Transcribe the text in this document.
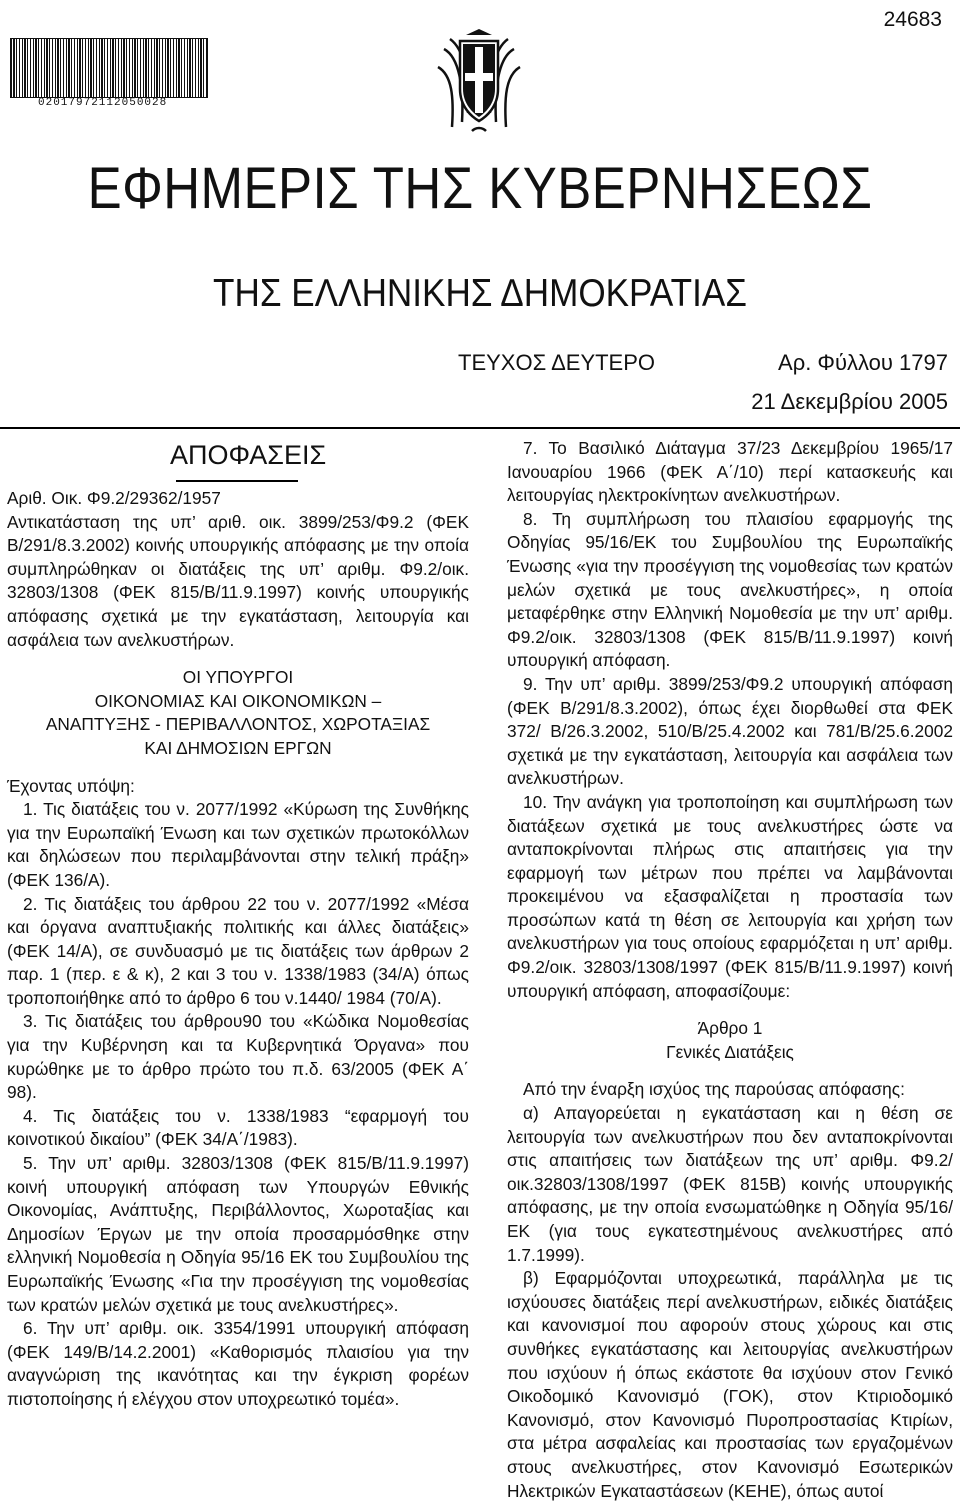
24683
02017972112050028
ΕΦΗΜΕΡΙΣ ΤΗΣ ΚΥΒΕΡΝΗΣΕΩΣ
ΤΗΣ ΕΛΛΗΝΙΚΗΣ ΔΗΜΟΚΡΑΤΙΑΣ
ΤΕΥΧΟΣ ΔΕΥΤΕΡΟ	Αρ. Φύλλου 1797
21 Δεκεμβρίου 2005
ΑΠΟΦΑΣΕΙΣ

Αριθ. Οικ. Φ9.2/29362/1957

Αντικατάσταση της υπ’ αριθ. οικ. 3899/253/Φ9.2 (ΦΕΚ Β/291/8.3.2002) κοινής υπουργικής απόφασης με την οποία συμπληρώθηκαν οι διατάξεις της υπ’ αριθμ. Φ9.2/οικ. 32803/1308 (ΦΕΚ 815/Β/11.9.1997) κοινής υπουργικής απόφασης σχετικά με την εγκατάσταση, λειτουργία και ασφάλεια των ανελκυστήρων.

ΟΙ ΥΠΟΥΡΓΟΙ

ΟΙΚΟΝΟΜΙΑΣ ΚΑΙ ΟΙΚΟΝΟΜΙΚΩΝ –

ΑΝΑΠΤΥΞΗΣ - ΠΕΡΙΒΑΛΛΟΝΤΟΣ, ΧΩΡΟΤΑΞΙΑΣ

ΚΑΙ ΔΗΜΟΣΙΩΝ ΕΡΓΩΝ

Έχοντας υπόψη:

1. Τις διατάξεις του ν. 2077/1992 «Κύρωση της Συνθήκης για την Ευρωπαϊκή Ένωση και των σχετικών πρωτοκόλλων και δηλώσεων που περιλαμβάνονται στην τελική πράξη» (ΦΕΚ 136/Α).

2. Τις διατάξεις του άρθρου 22 του ν. 2077/1992 «Μέσα και όργανα αναπτυξιακής πολιτικής και άλλες διατάξεις» (ΦΕΚ 14/Α), σε συνδυασμό με τις διατάξεις των άρθρων 2 παρ. 1 (περ. ε & κ), 2 και 3 του ν. 1338/1983 (34/Α) όπως τροποποιήθηκε από το άρθρο 6 του ν.1440/ 1984 (70/Α).

3. Τις διατάξεις του άρθρου90 του «Κώδικα Νομοθεσίας για την Κυβέρνηση και τα Κυβερνητικά Όργανα» που κυρώθηκε με το άρθρο πρώτο του π.δ. 63/2005 (ΦΕΚ Α΄ 98).

4. Τις διατάξεις του ν. 1338/1983 “εφαρμογή του κοινοτικού δικαίου” (ΦΕΚ 34/Α΄/1983).

5. Την υπ’ αριθμ. 32803/1308 (ΦΕΚ 815/Β/11.9.1997) κοινή υπουργική απόφαση των Υπουργών Εθνικής Οικονομίας, Ανάπτυξης, Περιβάλλοντος, Χωροταξίας και Δημοσίων Έργων με την οποία προσαρμόσθηκε στην ελληνική Νομοθεσία η Οδηγία 95/16 ΕΚ του Συμβουλίου της Ευρωπαϊκής Ένωσης «Για την προσέγγιση της νομοθεσίας των κρατών μελών σχετικά με τους ανελκυστήρες».

6. Την υπ’ αριθμ. οικ. 3354/1991 υπουργική απόφαση (ΦΕΚ 149/Β/14.2.2001) «Καθορισμός πλαισίου για την αναγνώριση της ικανότητας και την έγκριση φορέων πιστοποίησης ή ελέγχου στον υποχρεωτικό τομέα».

7. Το Βασιλικό Διάταγμα 37/23 Δεκεμβρίου 1965/17 Ιανουαρίου 1966 (ΦΕΚ Α΄/10) περί κατασκευής και λειτουργίας ηλεκτροκίνητων ανελκυστήρων.

8. Τη συμπλήρωση του πλαισίου εφαρμογής της Οδηγίας 95/16/ΕΚ του Συμβουλίου της Ευρωπαϊκής Ένωσης «για την προσέγγιση της νομοθεσίας των κρατών μελών σχετικά με τους ανελκυστήρες», η οποία μεταφέρθηκε στην Ελληνική Νομοθεσία με την υπ’ αριθμ. Φ9.2/οικ. 32803/1308 (ΦΕΚ 815/Β/11.9.1997) κοινή υπουργική απόφαση.

9. Την υπ’ αριθμ. 3899/253/Φ9.2 υπουργική απόφαση (ΦΕΚ Β/291/8.3.2002), όπως έχει διορθωθεί στα ΦΕΚ 372/ Β/26.3.2002, 510/Β/25.4.2002 και 781/Β/25.6.2002 σχετικά με την εγκατάσταση, λειτουργία και ασφάλεια των ανελκυστήρων.

10. Την ανάγκη για τροποποίηση και συμπλήρωση των διατάξεων σχετικά με τους ανελκυστήρες ώστε να ανταποκρίνονται πλήρως στις απαιτήσεις για την εφαρμογή των μέτρων που πρέπει να λαμβάνονται προκειμένου να εξασφαλίζεται η προστασία των προσώπων κατά τη θέση σε λειτουργία και χρήση των ανελκυστήρων για τους οποίους εφαρμόζεται η υπ’ αριθμ. Φ9.2/οικ. 32803/1308/1997 (ΦΕΚ 815/Β/11.9.1997) κοινή υπουργική απόφαση, αποφασίζουμε:

Άρθρο 1

Γενικές Διατάξεις

Από την έναρξη ισχύος της παρούσας απόφασης:

α) Απαγορεύεται η εγκατάσταση και η θέση σε λειτουργία των ανελκυστήρων που δεν ανταποκρίνονται στις απαιτήσεις των διατάξεων της υπ’ αριθμ. Φ9.2/ οικ.32803/1308/1997 (ΦΕΚ 815Β) κοινής υπουργικής απόφασης, με την οποία ενσωματώθηκε η Οδηγία 95/16/ ΕΚ (για τους εγκατεστημένους ανελκυστήρες από 1.7.1999).

β) Εφαρμόζονται υποχρεωτικά, παράλληλα με τις ισχύουσες διατάξεις περί ανελκυστήρων, ειδικές διατάξεις και κανονισμοί που αφορούν στους χώρους και στις συνθήκες εγκατάστασης και λειτουργίας ανελκυστήρων που ισχύουν ή όπως εκάστοτε θα ισχύουν στον Γενικό Οικοδομικό Κανονισμό (ΓΟΚ), στον Κτιριοδομικό Κανονισμό, στον Κανονισμό Πυροπροστασίας Κτιρίων, στα μέτρα ασφαλείας και προστασίας των εργαζομένων στους ανελκυστήρες, στον Κανονισμό Εσωτερικών Ηλεκτρικών Εγκαταστάσεων (ΚΕΗΕ), όπως αυτοί
